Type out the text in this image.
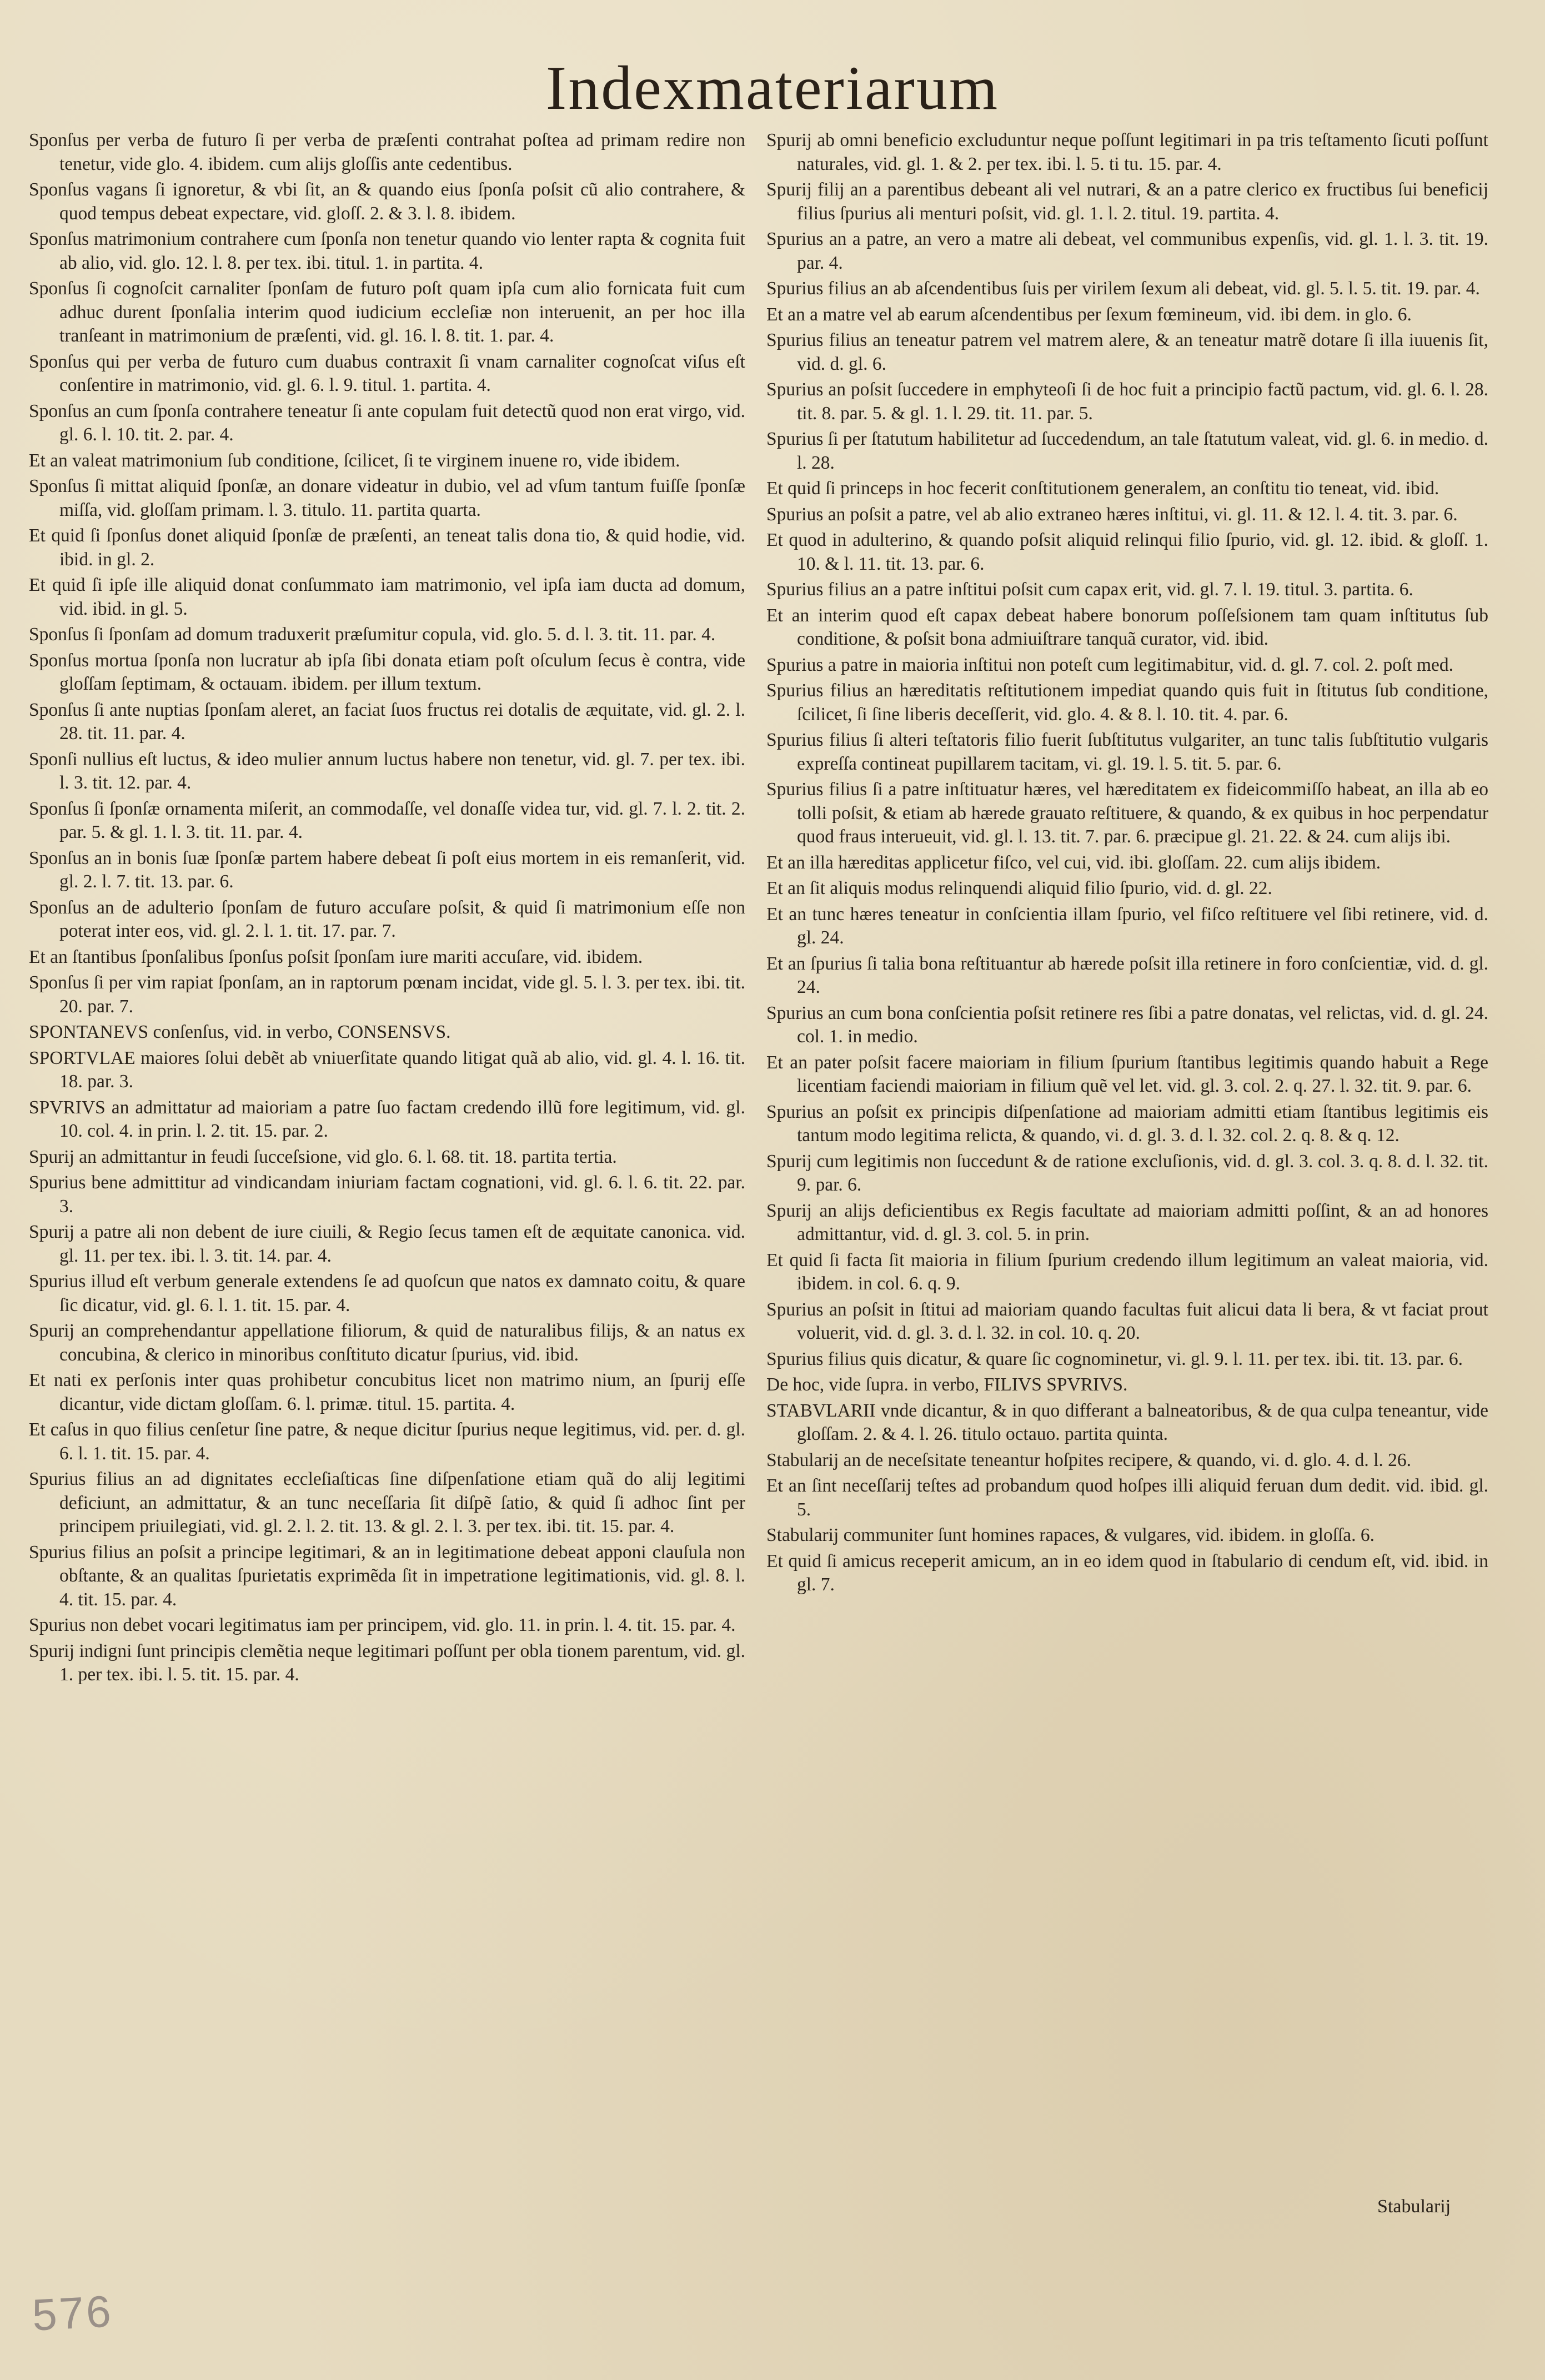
Indexmateriarum

Sponſus per verba de futuro ſi per verba de præſenti contrahat poſtea ad primam redire non tenetur, vide glo. 4. ibidem. cum alijs gloſſis ante cedentibus.

Sponſus vagans ſi ignoretur, & vbi ſit, an & quando eius ſponſa poſsit cũ alio contrahere, & quod tempus debeat expectare, vid. gloſſ. 2. & 3. l. 8. ibidem.

Sponſus matrimonium contrahere cum ſponſa non tenetur quando vio lenter rapta & cognita fuit ab alio, vid. glo. 12. l. 8. per tex. ibi. titul. 1. in partita. 4.

Sponſus ſi cognoſcit carnaliter ſponſam de futuro poſt quam ipſa cum alio fornicata fuit cum adhuc durent ſponſalia interim quod iudicium eccleſiæ non interuenit, an per hoc illa tranſeant in matrimonium de præſenti, vid. gl. 16. l. 8. tit. 1. par. 4.

Sponſus qui per verba de futuro cum duabus contraxit ſi vnam carnaliter cognoſcat viſus eſt conſentire in matrimonio, vid. gl. 6. l. 9. titul. 1. partita. 4.

Sponſus an cum ſponſa contrahere teneatur ſi ante copulam fuit detectũ quod non erat virgo, vid. gl. 6. l. 10. tit. 2. par. 4.

Et an valeat matrimonium ſub conditione, ſcilicet, ſi te virginem inuene ro, vide ibidem.

Sponſus ſi mittat aliquid ſponſæ, an donare videatur in dubio, vel ad vſum tantum fuiſſe ſponſæ miſſa, vid. gloſſam primam. l. 3. titulo. 11. partita quarta.

Et quid ſi ſponſus donet aliquid ſponſæ de præſenti, an teneat talis dona tio, & quid hodie, vid. ibid. in gl. 2.

Et quid ſi ipſe ille aliquid donat conſummato iam matrimonio, vel ipſa iam ducta ad domum, vid. ibid. in gl. 5.

Sponſus ſi ſponſam ad domum traduxerit præſumitur copula, vid. glo. 5. d. l. 3. tit. 11. par. 4.

Sponſus mortua ſponſa non lucratur ab ipſa ſibi donata etiam poſt oſculum ſecus è contra, vide gloſſam ſeptimam, & octauam. ibidem. per illum textum.

Sponſus ſi ante nuptias ſponſam aleret, an faciat ſuos fructus rei dotalis de æquitate, vid. gl. 2. l. 28. tit. 11. par. 4.

Sponſi nullius eſt luctus, & ideo mulier annum luctus habere non tenetur, vid. gl. 7. per tex. ibi. l. 3. tit. 12. par. 4.

Sponſus ſi ſponſæ ornamenta miſerit, an commodaſſe, vel donaſſe videa tur, vid. gl. 7. l. 2. tit. 2. par. 5. & gl. 1. l. 3. tit. 11. par. 4.

Sponſus an in bonis ſuæ ſponſæ partem habere debeat ſi poſt eius mortem in eis remanſerit, vid. gl. 2. l. 7. tit. 13. par. 6.

Sponſus an de adulterio ſponſam de futuro accuſare poſsit, & quid ſi matrimonium eſſe non poterat inter eos, vid. gl. 2. l. 1. tit. 17. par. 7.

Et an ſtantibus ſponſalibus ſponſus poſsit ſponſam iure mariti accuſare, vid. ibidem.

Sponſus ſi per vim rapiat ſponſam, an in raptorum pœnam incidat, vide gl. 5. l. 3. per tex. ibi. tit. 20. par. 7.

SPONTANEVS conſenſus, vid. in verbo, CONSENSVS.

SPORTVLAE maiores ſolui debẽt ab vniuerſitate quando litigat quã ab alio, vid. gl. 4. l. 16. tit. 18. par. 3.

SPVRIVS an admittatur ad maioriam a patre ſuo factam credendo illũ fore legitimum, vid. gl. 10. col. 4. in prin. l. 2. tit. 15. par. 2.

Spurij an admittantur in feudi ſucceſsione, vid glo. 6. l. 68. tit. 18. partita tertia.

Spurius bene admittitur ad vindicandam iniuriam factam cognationi, vid. gl. 6. l. 6. tit. 22. par. 3.

Spurij a patre ali non debent de iure ciuili, & Regio ſecus tamen eſt de æquitate canonica. vid. gl. 11. per tex. ibi. l. 3. tit. 14. par. 4.

Spurius illud eſt verbum generale extendens ſe ad quoſcun que natos ex damnato coitu, & quare ſic dicatur, vid. gl. 6. l. 1. tit. 15. par. 4.

Spurij an comprehendantur appellatione filiorum, & quid de naturalibus filijs, & an natus ex concubina, & clerico in minoribus conſtituto dicatur ſpurius, vid. ibid.

Et nati ex perſonis inter quas prohibetur concubitus licet non matrimo nium, an ſpurij eſſe dicantur, vide dictam gloſſam. 6. l. primæ. titul. 15. partita. 4.

Et caſus in quo filius cenſetur ſine patre, & neque dicitur ſpurius neque legitimus, vid. per. d. gl. 6. l. 1. tit. 15. par. 4.

Spurius filius an ad dignitates eccleſiaſticas ſine diſpenſatione etiam quã do alij legitimi deficiunt, an admittatur, & an tunc neceſſaria ſit diſpẽ ſatio, & quid ſi adhoc ſint per principem priuilegiati, vid. gl. 2. l. 2. tit. 13. & gl. 2. l. 3. per tex. ibi. tit. 15. par. 4.

Spurius filius an poſsit a principe legitimari, & an in legitimatione debeat apponi clauſula non obſtante, & an qualitas ſpurietatis exprimẽda ſit in impetratione legitimationis, vid. gl. 8. l. 4. tit. 15. par. 4.

Spurius non debet vocari legitimatus iam per principem, vid. glo. 11. in prin. l. 4. tit. 15. par. 4.

Spurij indigni ſunt principis clemẽtia neque legitimari poſſunt per obla tionem parentum, vid. gl. 1. per tex. ibi. l. 5. tit. 15. par. 4.

Spurij ab omni beneficio excluduntur neque poſſunt legitimari in pa tris teſtamento ſicuti poſſunt naturales, vid. gl. 1. & 2. per tex. ibi. l. 5. ti tu. 15. par. 4.

Spurij filij an a parentibus debeant ali vel nutrari, & an a patre clerico ex fructibus ſui beneficij filius ſpurius ali menturi poſsit, vid. gl. 1. l. 2. titul. 19. partita. 4.

Spurius an a patre, an vero a matre ali debeat, vel communibus expenſis, vid. gl. 1. l. 3. tit. 19. par. 4.

Spurius filius an ab aſcendentibus ſuis per virilem ſexum ali debeat, vid. gl. 5. l. 5. tit. 19. par. 4.

Et an a matre vel ab earum aſcendentibus per ſexum fœmineum, vid. ibi dem. in glo. 6.

Spurius filius an teneatur patrem vel matrem alere, & an teneatur matrẽ dotare ſi illa iuuenis ſit, vid. d. gl. 6.

Spurius an poſsit ſuccedere in emphyteoſi ſi de hoc fuit a principio factũ pactum, vid. gl. 6. l. 28. tit. 8. par. 5. & gl. 1. l. 29. tit. 11. par. 5.

Spurius ſi per ſtatutum habilitetur ad ſuccedendum, an tale ſtatutum valeat, vid. gl. 6. in medio. d. l. 28.

Et quid ſi princeps in hoc fecerit conſtitutionem generalem, an conſtitu tio teneat, vid. ibid.

Spurius an poſsit a patre, vel ab alio extraneo hæres inſtitui, vi. gl. 11. & 12. l. 4. tit. 3. par. 6.

Et quod in adulterino, & quando poſsit aliquid relinqui filio ſpurio, vid. gl. 12. ibid. & gloſſ. 1. 10. & l. 11. tit. 13. par. 6.

Spurius filius an a patre inſtitui poſsit cum capax erit, vid. gl. 7. l. 19. titul. 3. partita. 6.

Et an interim quod eſt capax debeat habere bonorum poſſeſsionem tam quam inſtitutus ſub conditione, & poſsit bona admiuiſtrare tanquã curator, vid. ibid.

Spurius a patre in maioria inſtitui non poteſt cum legitimabitur, vid. d. gl. 7. col. 2. poſt med.

Spurius filius an hæreditatis reſtitutionem impediat quando quis fuit in ſtitutus ſub conditione, ſcilicet, ſi ſine liberis deceſſerit, vid. glo. 4. & 8. l. 10. tit. 4. par. 6.

Spurius filius ſi alteri teſtatoris filio fuerit ſubſtitutus vulgariter, an tunc talis ſubſtitutio vulgaris expreſſa contineat pupillarem tacitam, vi. gl. 19. l. 5. tit. 5. par. 6.

Spurius filius ſi a patre inſtituatur hæres, vel hæreditatem ex fideicommiſſo habeat, an illa ab eo tolli poſsit, & etiam ab hærede grauato reſtituere, & quando, & ex quibus in hoc perpendatur quod fraus interueuit, vid. gl. l. 13. tit. 7. par. 6. præcipue gl. 21. 22. & 24. cum alijs ibi.

Et an illa hæreditas applicetur fiſco, vel cui, vid. ibi. gloſſam. 22. cum alijs ibidem.

Et an ſit aliquis modus relinquendi aliquid filio ſpurio, vid. d. gl. 22.

Et an tunc hæres teneatur in conſcientia illam ſpurio, vel fiſco reſtituere vel ſibi retinere, vid. d. gl. 24.

Et an ſpurius ſi talia bona reſtituantur ab hærede poſsit illa retinere in foro conſcientiæ, vid. d. gl. 24.

Spurius an cum bona conſcientia poſsit retinere res ſibi a patre donatas, vel relictas, vid. d. gl. 24. col. 1. in medio.

Et an pater poſsit facere maioriam in filium ſpurium ſtantibus legitimis quando habuit a Rege licentiam faciendi maioriam in filium quẽ vel let. vid. gl. 3. col. 2. q. 27. l. 32. tit. 9. par. 6.

Spurius an poſsit ex principis diſpenſatione ad maioriam admitti etiam ſtantibus legitimis eis tantum modo legitima relicta, & quando, vi. d. gl. 3. d. l. 32. col. 2. q. 8. & q. 12.

Spurij cum legitimis non ſuccedunt & de ratione excluſionis, vid. d. gl. 3. col. 3. q. 8. d. l. 32. tit. 9. par. 6.

Spurij an alijs deficientibus ex Regis facultate ad maioriam admitti poſſint, & an ad honores admittantur, vid. d. gl. 3. col. 5. in prin.

Et quid ſi facta ſit maioria in filium ſpurium credendo illum legitimum an valeat maioria, vid. ibidem. in col. 6. q. 9.

Spurius an poſsit in ſtitui ad maioriam quando facultas fuit alicui data li bera, & vt faciat prout voluerit, vid. d. gl. 3. d. l. 32. in col. 10. q. 20.

Spurius filius quis dicatur, & quare ſic cognominetur, vi. gl. 9. l. 11. per tex. ibi. tit. 13. par. 6.

De hoc, vide ſupra. in verbo, FILIVS SPVRIVS.

STABVLARII vnde dicantur, & in quo differant a balneatoribus, & de qua culpa teneantur, vide gloſſam. 2. & 4. l. 26. titulo octauo. partita quinta.

Stabularij an de neceſsitate teneantur hoſpites recipere, & quando, vi. d. glo. 4. d. l. 26.

Et an ſint neceſſarij teſtes ad probandum quod hoſpes illi aliquid feruan dum dedit. vid. ibid. gl. 5.

Stabularij communiter ſunt homines rapaces, & vulgares, vid. ibidem. in gloſſa. 6.

Et quid ſi amicus receperit amicum, an in eo idem quod in ſtabulario di cendum eſt, vid. ibid. in gl. 7.

Stabularij
576
